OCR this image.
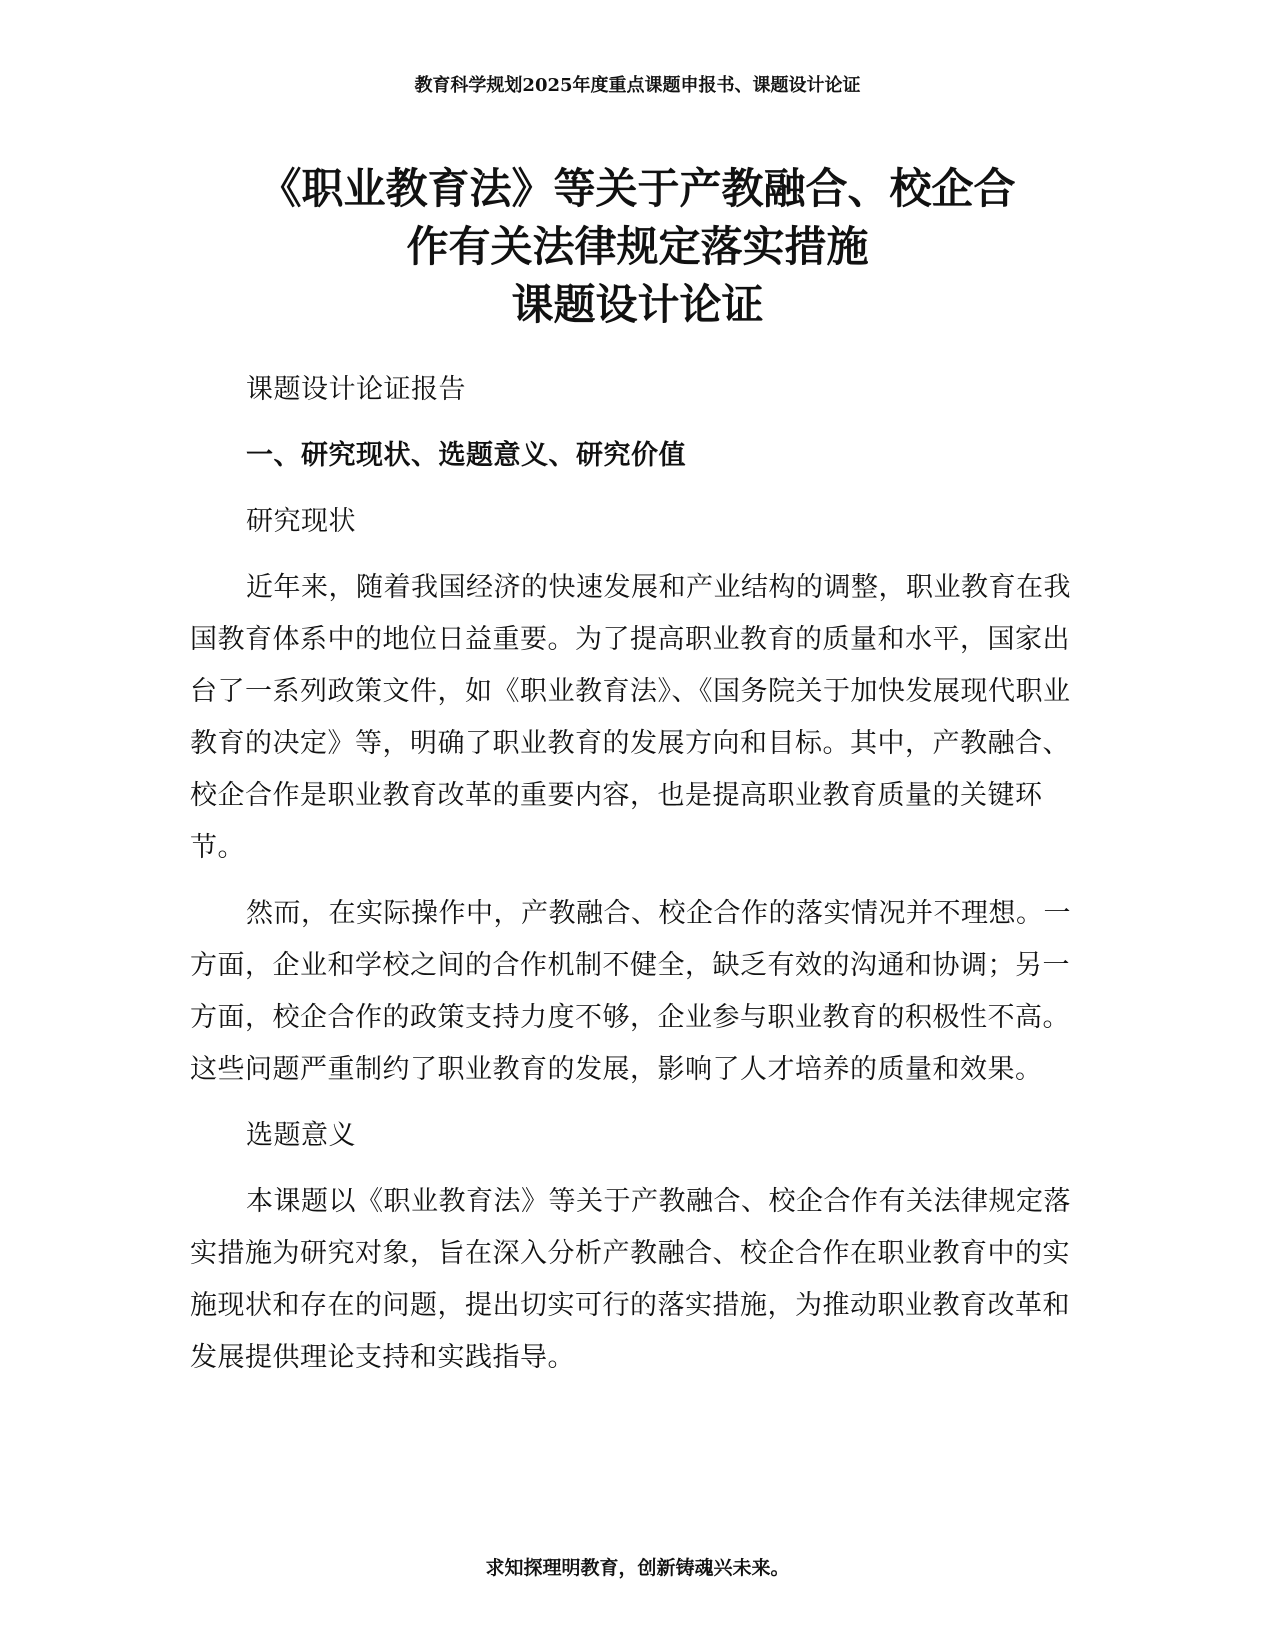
教育科学规划2025年度重点课题申报书、课题设计论证
《职业教育法》等关于产教融合、校企合
作有关法律规定落实措施
课题设计论证

课题设计论证报告

一、研究现状、选题意义、研究价值

研究现状

近年来，随着我国经济的快速发展和产业结构的调整，职业教育在我国教育体系中的地位日益重要。为了提高职业教育的质量和水平，国家出台了一系列政策文件，如《职业教育法》、《国务院关于加快发展现代职业教育的决定》等，明确了职业教育的发展方向和目标。其中，产教融合、校企合作是职业教育改革的重要内容，也是提高职业教育质量的关键环节。

然而，在实际操作中，产教融合、校企合作的落实情况并不理想。一方面，企业和学校之间的合作机制不健全，缺乏有效的沟通和协调；另一方面，校企合作的政策支持力度不够，企业参与职业教育的积极性不高。这些问题严重制约了职业教育的发展，影响了人才培养的质量和效果。

选题意义

本课题以《职业教育法》等关于产教融合、校企合作有关法律规定落实措施为研究对象，旨在深入分析产教融合、校企合作在职业教育中的实施现状和存在的问题，提出切实可行的落实措施，为推动职业教育改革和发展提供理论支持和实践指导。

求知探理明教育，创新铸魂兴未来。
